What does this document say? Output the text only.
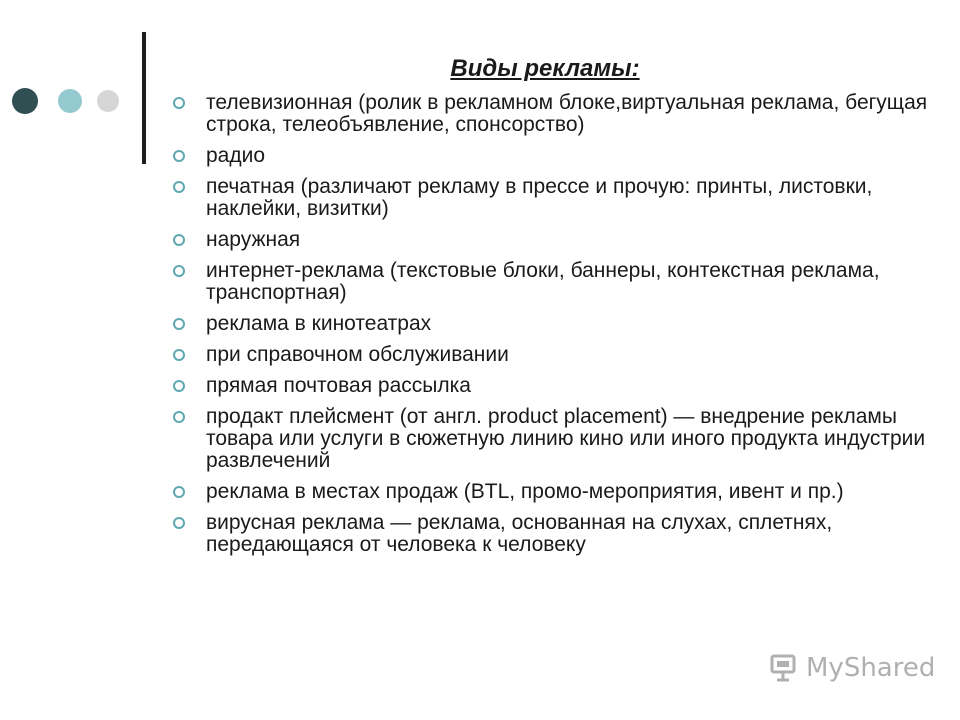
Виды рекламы:
телевизионная (ролик в рекламном блоке,виртуальная реклама, бегущая строка, телеобъявление, спонсорство)
радио
печатная (различают рекламу в прессе и прочую: принты, листовки, наклейки, визитки)
наружная
интернет-реклама (текстовые блоки, баннеры, контекстная реклама, транспортная)
реклама в кинотеатрах
при справочном обслуживании
прямая почтовая рассылка
продакт плейсмент (от англ. product placement) — внедрение рекламы товара или услуги в сюжетную линию кино или иного продукта индустрии развлечений
реклама в местах продаж (BTL, промо-мероприятия, ивент и пр.)
вирусная реклама — реклама, основанная на слухах, сплетнях, передающаяся от человека к человеку
MyShared
